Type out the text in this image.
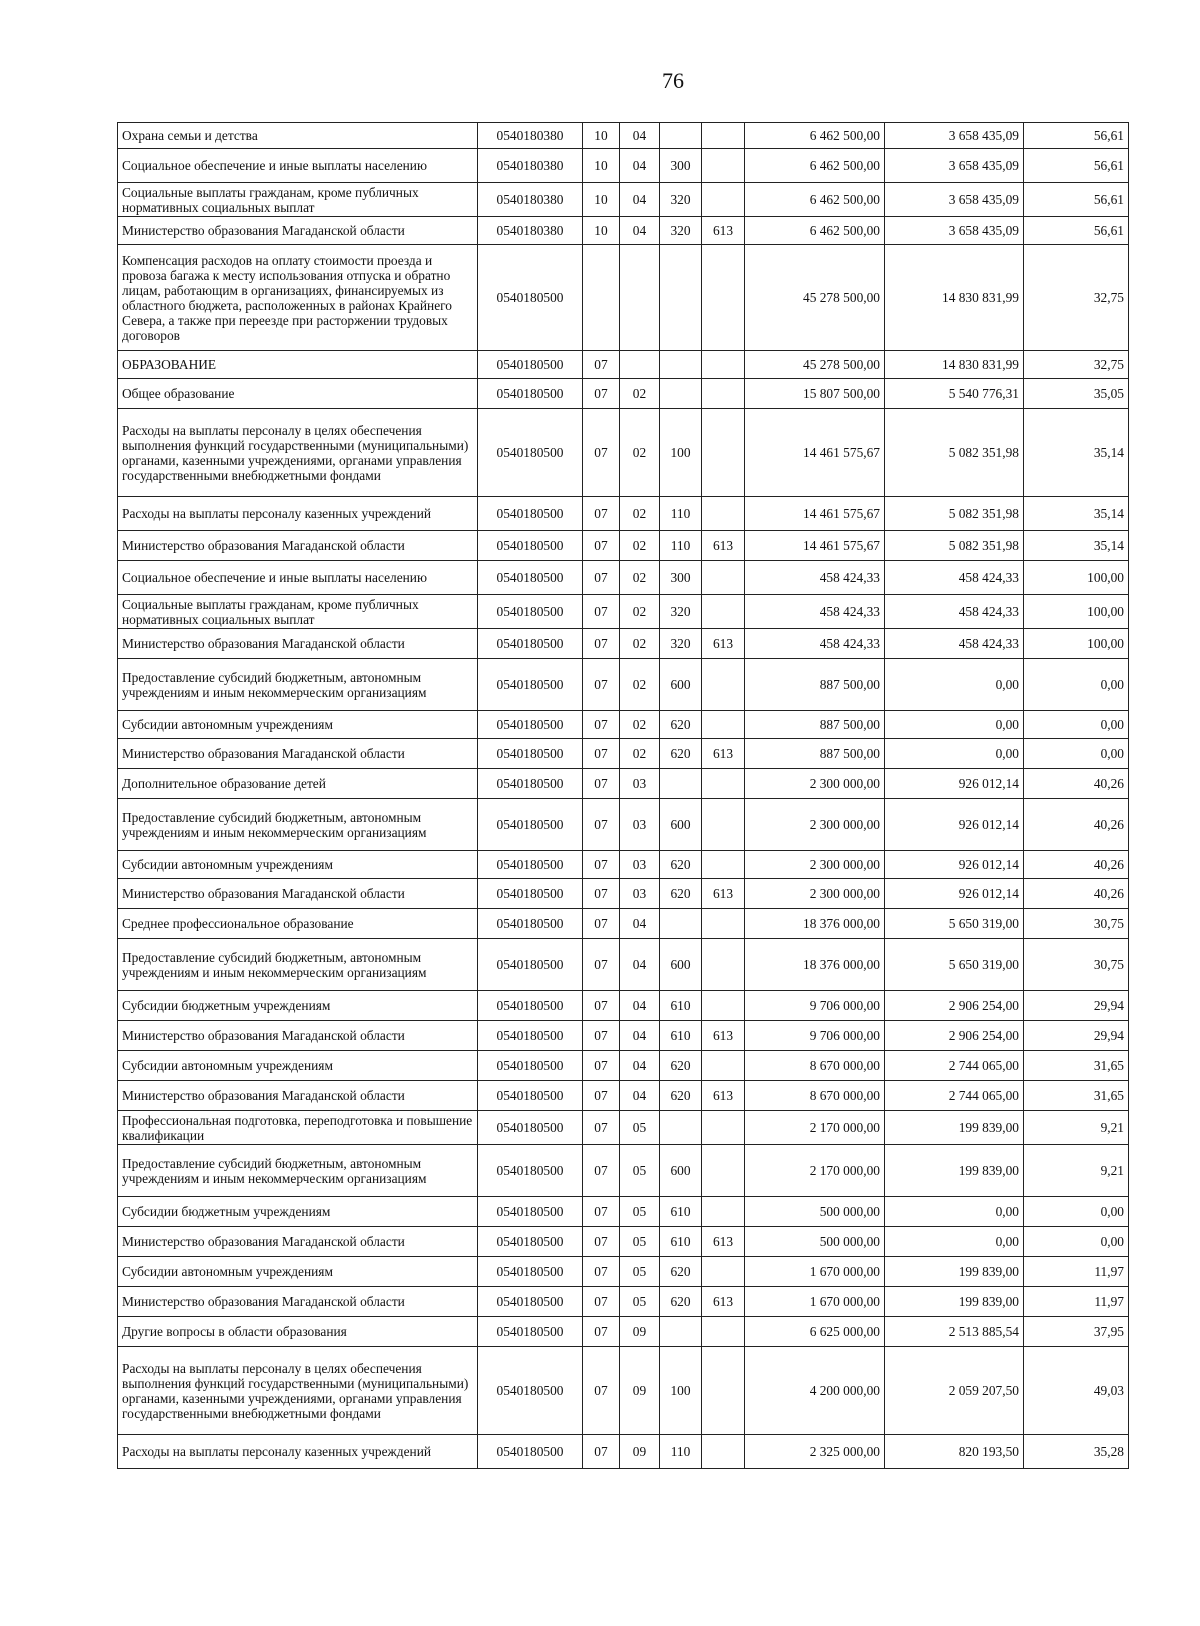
76
Охрана семьи и детства	0540180380	10	04			6 462 500,00	3 658 435,09	56,61
Социальное обеспечение и иные выплаты населению	0540180380	10	04	300		6 462 500,00	3 658 435,09	56,61
Социальные выплаты гражданам, кроме публичных нормативных социальных выплат	0540180380	10	04	320		6 462 500,00	3 658 435,09	56,61
Министерство образования Магаданской области	0540180380	10	04	320	613	6 462 500,00	3 658 435,09	56,61
Компенсация расходов на оплату стоимости проезда и провоза багажа к месту использования отпуска и обратно лицам, работающим в организациях, финансируемых из областного бюджета, расположенных в районах Крайнего Севера, а также при переезде при расторжении трудовых договоров	0540180500					45 278 500,00	14 830 831,99	32,75
ОБРАЗОВАНИЕ	0540180500	07				45 278 500,00	14 830 831,99	32,75
Общее образование	0540180500	07	02			15 807 500,00	5 540 776,31	35,05
Расходы на выплаты персоналу в целях обеспечения выполнения функций государственными (муниципальными) органами, казенными учреждениями, органами управления государственными внебюджетными фондами	0540180500	07	02	100		14 461 575,67	5 082 351,98	35,14
Расходы на выплаты персоналу казенных учреждений	0540180500	07	02	110		14 461 575,67	5 082 351,98	35,14
Министерство образования Магаданской области	0540180500	07	02	110	613	14 461 575,67	5 082 351,98	35,14
Социальное обеспечение и иные выплаты населению	0540180500	07	02	300		458 424,33	458 424,33	100,00
Социальные выплаты гражданам, кроме публичных нормативных социальных выплат	0540180500	07	02	320		458 424,33	458 424,33	100,00
Министерство образования Магаданской области	0540180500	07	02	320	613	458 424,33	458 424,33	100,00
Предоставление субсидий бюджетным, автономным учреждениям и иным некоммерческим организациям	0540180500	07	02	600		887 500,00	0,00	0,00
Субсидии автономным учреждениям	0540180500	07	02	620		887 500,00	0,00	0,00
Министерство образования Магаданской области	0540180500	07	02	620	613	887 500,00	0,00	0,00
Дополнительное образование детей	0540180500	07	03			2 300 000,00	926 012,14	40,26
Предоставление субсидий бюджетным, автономным учреждениям и иным некоммерческим организациям	0540180500	07	03	600		2 300 000,00	926 012,14	40,26
Субсидии автономным учреждениям	0540180500	07	03	620		2 300 000,00	926 012,14	40,26
Министерство образования Магаданской области	0540180500	07	03	620	613	2 300 000,00	926 012,14	40,26
Среднее профессиональное образование	0540180500	07	04			18 376 000,00	5 650 319,00	30,75
Предоставление субсидий бюджетным, автономным учреждениям и иным некоммерческим организациям	0540180500	07	04	600		18 376 000,00	5 650 319,00	30,75
Субсидии бюджетным учреждениям	0540180500	07	04	610		9 706 000,00	2 906 254,00	29,94
Министерство образования Магаданской области	0540180500	07	04	610	613	9 706 000,00	2 906 254,00	29,94
Субсидии автономным учреждениям	0540180500	07	04	620		8 670 000,00	2 744 065,00	31,65
Министерство образования Магаданской области	0540180500	07	04	620	613	8 670 000,00	2 744 065,00	31,65
Профессиональная подготовка, переподготовка и повышение квалификации	0540180500	07	05			2 170 000,00	199 839,00	9,21
Предоставление субсидий бюджетным, автономным учреждениям и иным некоммерческим организациям	0540180500	07	05	600		2 170 000,00	199 839,00	9,21
Субсидии бюджетным учреждениям	0540180500	07	05	610		500 000,00	0,00	0,00
Министерство образования Магаданской области	0540180500	07	05	610	613	500 000,00	0,00	0,00
Субсидии автономным учреждениям	0540180500	07	05	620		1 670 000,00	199 839,00	11,97
Министерство образования Магаданской области	0540180500	07	05	620	613	1 670 000,00	199 839,00	11,97
Другие вопросы в области образования	0540180500	07	09			6 625 000,00	2 513 885,54	37,95
Расходы на выплаты персоналу в целях обеспечения выполнения функций государственными (муниципальными) органами, казенными учреждениями, органами управления государственными внебюджетными фондами	0540180500	07	09	100		4 200 000,00	2 059 207,50	49,03
Расходы на выплаты персоналу казенных учреждений	0540180500	07	09	110		2 325 000,00	820 193,50	35,28
